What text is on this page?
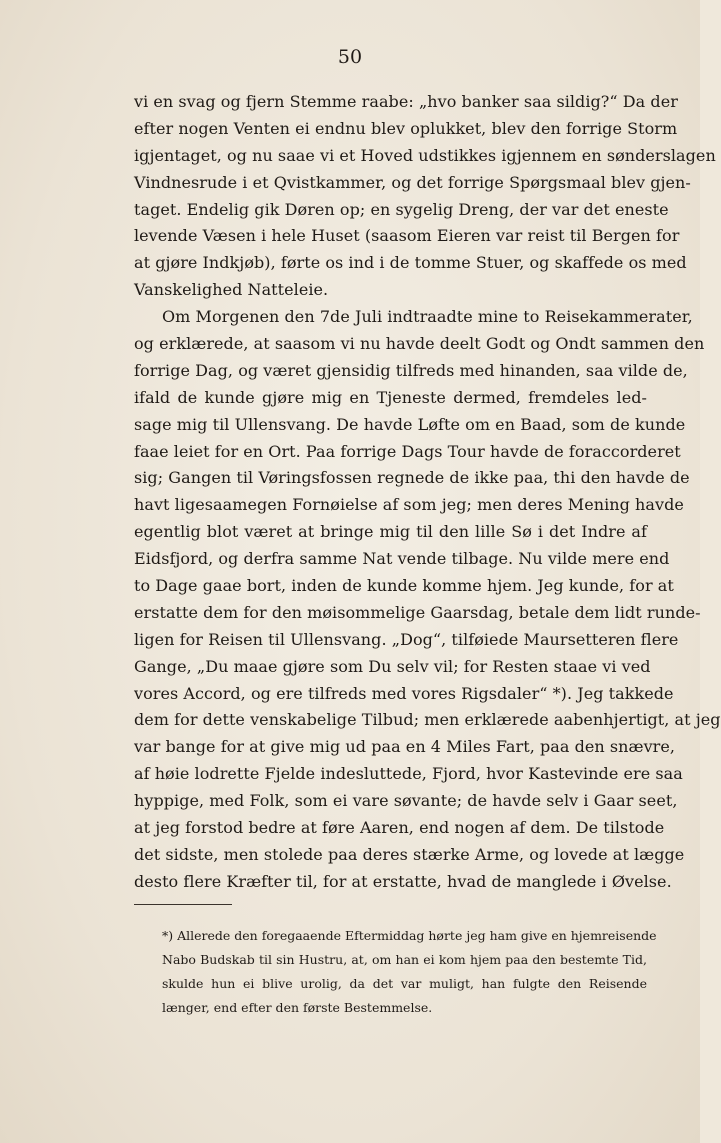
50
vi en svag og fjern Stemme raabe: „hvo banker saa sildig?“ Da der
efter nogen Venten ei endnu blev oplukket, blev den forrige Storm
igjentaget, og nu saae vi et Hoved udstikkes igjennem en sønderslagen
Vindnesrude i et Qvistkammer, og det forrige Spørgsmaal blev gjen-
taget. Endelig gik Døren op; en sygelig Dreng, der var det eneste
levende Væsen i hele Huset (saasom Eieren var reist til Bergen for
at gjøre Indkjøb), førte os ind i de tomme Stuer, og skaffede os med
Vanskelighed Natteleie.
Om Morgenen den 7de Juli indtraadte mine to Reisekammerater,
og erklærede, at saasom vi nu havde deelt Godt og Ondt sammen den
forrige Dag, og været gjensidig tilfreds med hinanden, saa vilde de,
ifald de kunde gjøre mig en Tjeneste dermed, fremdeles led-
sage mig til Ullensvang. De havde Løfte om en Baad, som de kunde
faae leiet for en Ort. Paa forrige Dags Tour havde de foraccorderet
sig; Gangen til Vøringsfossen regnede de ikke paa, thi den havde de
havt ligesaamegen Fornøielse af som jeg; men deres Mening havde
egentlig blot været at bringe mig til den lille Sø i det Indre af
Eidsfjord, og derfra samme Nat vende tilbage. Nu vilde mere end
to Dage gaae bort, inden de kunde komme hjem. Jeg kunde, for at
erstatte dem for den møisommelige Gaarsdag, betale dem lidt runde-
ligen for Reisen til Ullensvang. „Dog“, tilføiede Maursetteren flere
Gange, „Du maae gjøre som Du selv vil; for Resten staae vi ved
vores Accord, og ere tilfreds med vores Rigsdaler“ *). Jeg takkede
dem for dette venskabelige Tilbud; men erklærede aabenhjertigt, at jeg
var bange for at give mig ud paa en 4 Miles Fart, paa den snævre,
af høie lodrette Fjelde indesluttede, Fjord, hvor Kastevinde ere saa
hyppige, med Folk, som ei vare søvante; de havde selv i Gaar seet,
at jeg forstod bedre at føre Aaren, end nogen af dem. De tilstode
det sidste, men stolede paa deres stærke Arme, og lovede at lægge
desto flere Kræfter til, for at erstatte, hvad de manglede i Øvelse.
*) Allerede den foregaaende Eftermiddag hørte jeg ham give en hjemreisende
Nabo Budskab til sin Hustru, at, om han ei kom hjem paa den bestemte Tid,
skulde hun ei blive urolig, da det var muligt, han fulgte den Reisende
længer, end efter den første Bestemmelse.
